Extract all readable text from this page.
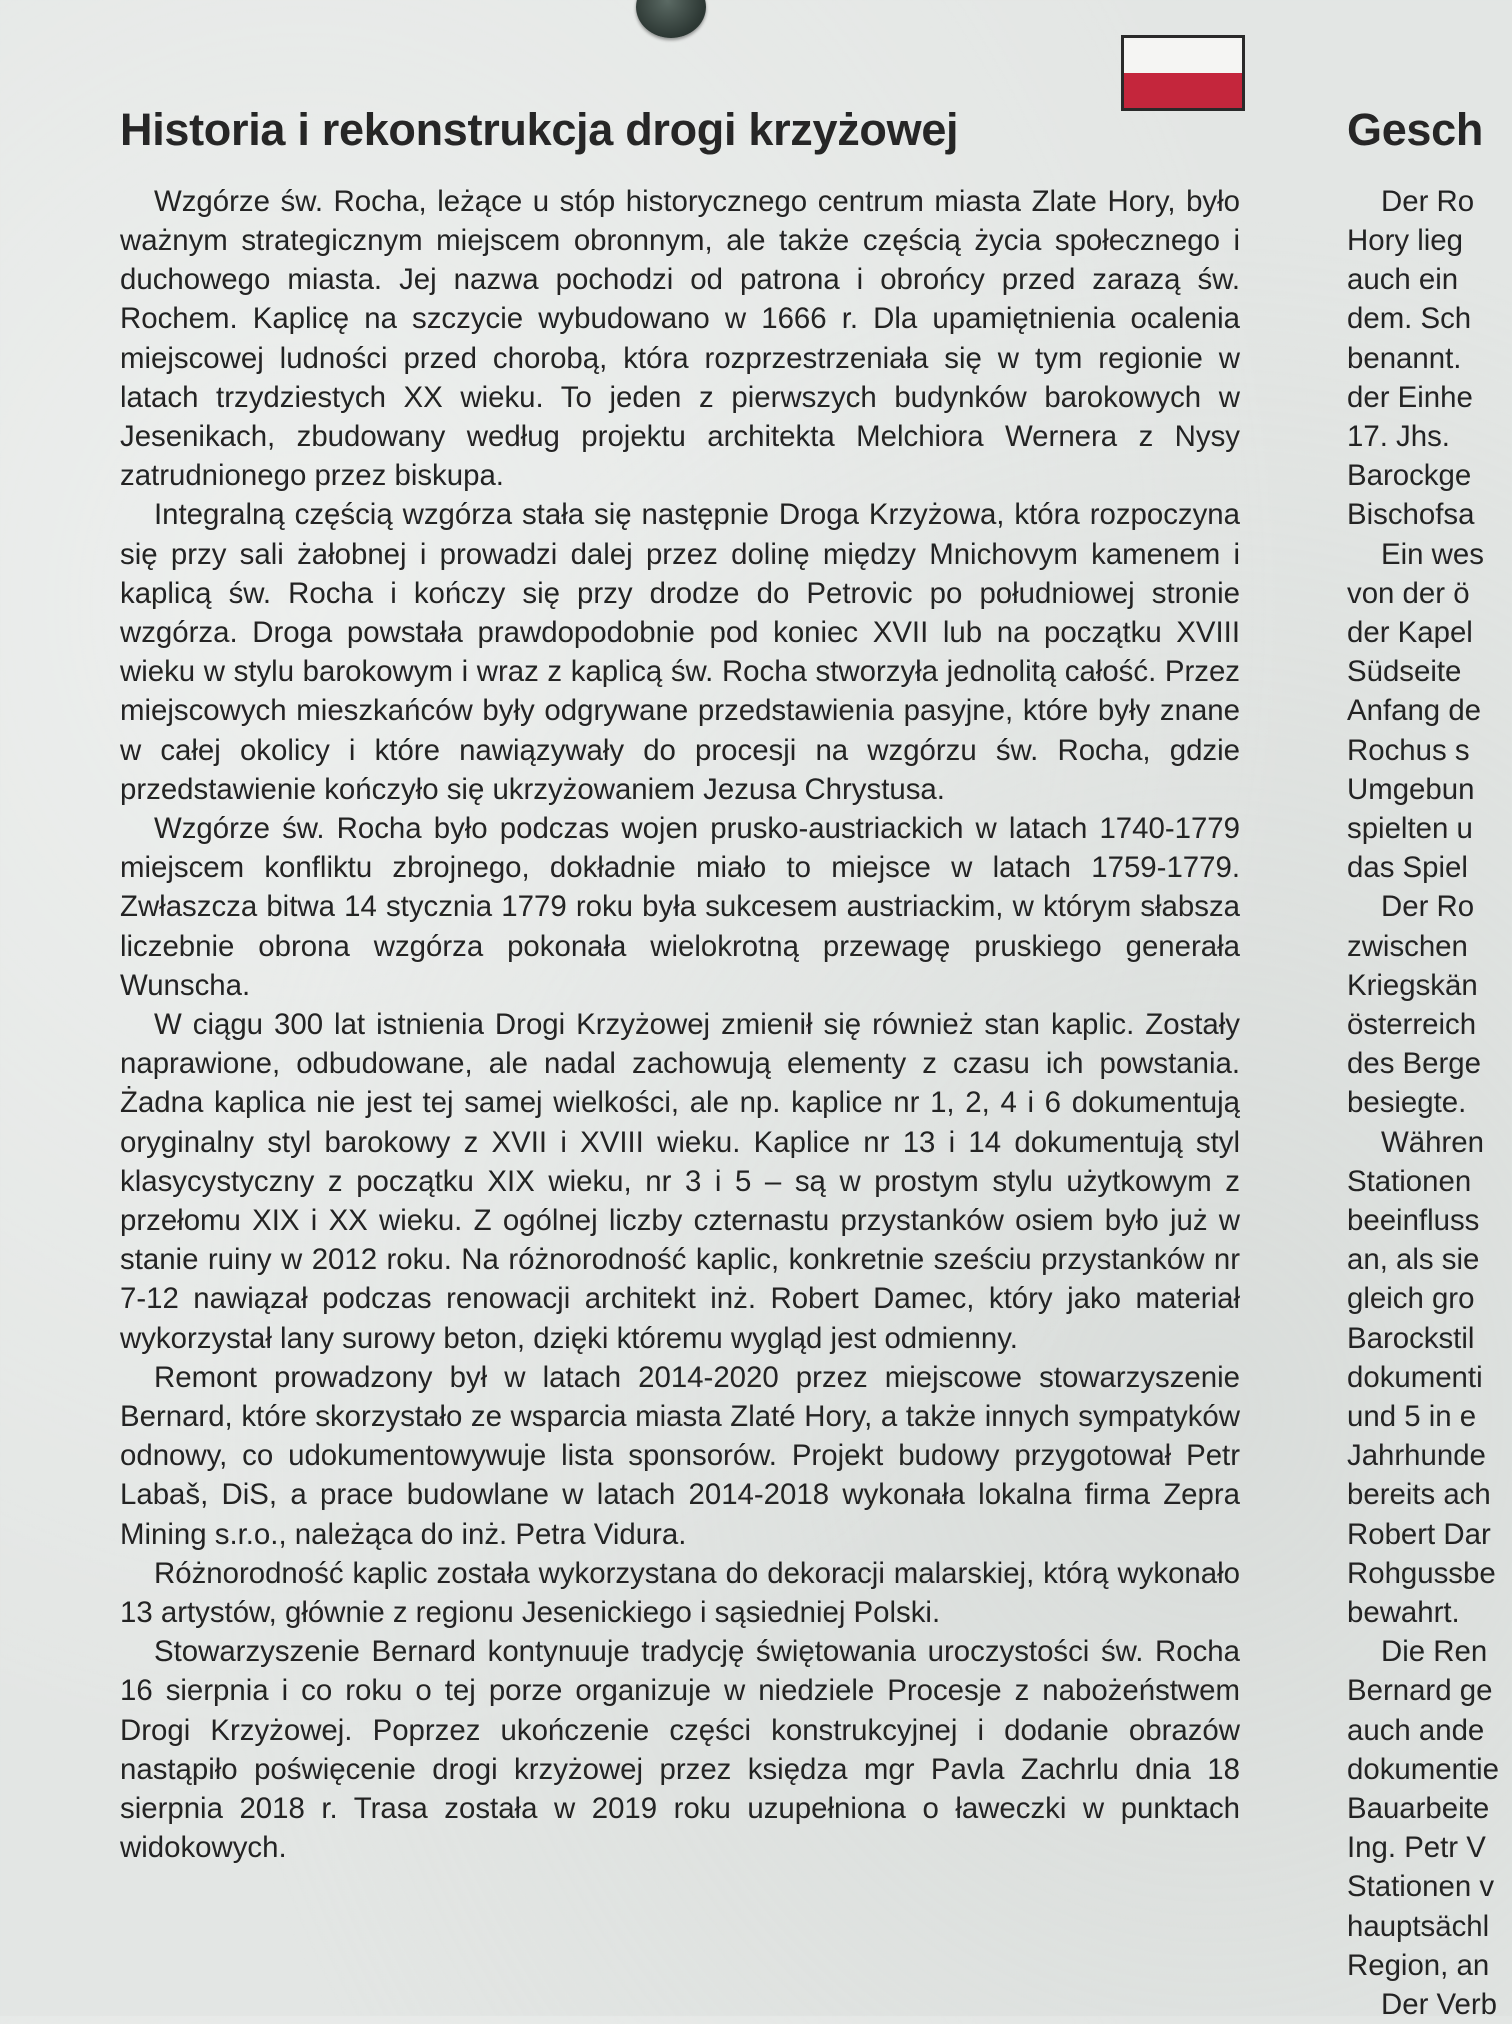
Historia i rekonstrukcja drogi krzyżowej

Wzgórze św. Rocha, leżące u stóp historycznego centrum miasta Zlate Hory, było ważnym strategicznym miejscem obronnym, ale także częścią życia społecznego i duchowego miasta. Jej nazwa pochodzi od patrona i obrońcy przed zarazą św. Rochem. Kaplicę na szczycie wybudowano w 1666 r. Dla upamiętnienia ocalenia miejscowej ludności przed chorobą, która rozprzestrzeniała się w tym regionie w latach trzydziestych XX wieku. To jeden z pierwszych budynków barokowych w Jesenikach, zbudowany według projektu architekta Melchiora Wernera z Nysy zatrudnionego przez biskupa.

Integralną częścią wzgórza stała się następnie Droga Krzyżowa, która rozpoczyna się przy sali żałobnej i prowadzi dalej przez dolinę między Mnichovym kamenem i kaplicą św. Rocha i kończy się przy drodze do Petrovic po południowej stronie wzgórza. Droga powstała prawdopodobnie pod koniec XVII lub na początku XVIII wieku w stylu barokowym i wraz z kaplicą św. Rocha stworzyła jednolitą całość. Przez miejscowych mieszkańców były odgrywane przedstawienia pasyjne, które były znane w całej okolicy i które nawiązywały do procesji na wzgórzu św. Rocha, gdzie przedstawienie kończyło się ukrzyżowaniem Jezusa Chrystusa.

Wzgórze św. Rocha było podczas wojen prusko-austriackich w latach 1740-1779 miejscem konfliktu zbrojnego, dokładnie miało to miejsce w latach 1759-1779. Zwłaszcza bitwa 14 stycznia 1779 roku była sukcesem austriackim, w którym słabsza liczebnie obrona wzgórza pokonała wielokrotną przewagę pruskiego generała Wunscha.

W ciągu 300 lat istnienia Drogi Krzyżowej zmienił się również stan kaplic. Zostały naprawione, odbudowane, ale nadal zachowują elementy z czasu ich powstania. Żadna kaplica nie jest tej samej wielkości, ale np. kaplice nr 1, 2, 4 i 6 dokumentują oryginalny styl barokowy z XVII i XVIII wieku. Kaplice nr 13 i 14 dokumentują styl klasycystyczny z początku XIX wieku, nr 3 i 5 – są w prostym stylu użytkowym z przełomu XIX i XX wieku. Z ogólnej liczby czternastu przystanków osiem było już w stanie ruiny w 2012 roku. Na różnorodność kaplic, konkretnie sześciu przystanków nr 7-12 nawiązał podczas renowacji architekt inż. Robert Damec, który jako materiał wykorzystał lany surowy beton, dzięki któremu wygląd jest odmienny.

Remont prowadzony był w latach 2014-2020 przez miejscowe stowarzyszenie Bernard, które skorzystało ze wsparcia miasta Zlaté Hory, a także innych sympatyków odnowy, co udokumentowywuje lista sponsorów. Projekt budowy przygotował Petr Labaš, DiS, a prace budowlane w latach 2014-2018 wykonała lokalna firma Zepra Mining s.r.o., należąca do inż. Petra Vidura.

Różnorodność kaplic została wykorzystana do dekoracji malarskiej, którą wykonało 13 artystów, głównie z regionu Jesenickiego i sąsiedniej Polski.

Stowarzyszenie Bernard kontynuuje tradycję świętowania uroczystości św. Rocha 16 sierpnia i co roku o tej porze organizuje w niedziele Procesje z nabożeństwem Drogi Krzyżowej. Poprzez ukończenie części konstrukcyjnej i dodanie obrazów nastąpiło poświęcenie drogi krzyżowej przez księdza mgr Pavla Zachrlu dnia 18 sierpnia 2018 r. Trasa została w 2019 roku uzupełniona o ławeczki w punktach widokowych.

Gesch
Der Ro
Hory lieg
auch ein
dem. Sch
benannt.
der Einhe
17. Jhs.
Barockge
Bischofsa
Ein wes
von der ö
der Kapel
Südseite
Anfang de
Rochus s
Umgebun
spielten u
das Spiel
Der Ro
zwischen
Kriegskän
österreich
des Berge
besiegte.
Währen
Stationen
beeinfluss
an, als sie
gleich gro
Barockstil
dokumenti
und 5 in e
Jahrhunde
bereits ach
Robert Dar
Rohgussbe
bewahrt.
Die Ren
Bernard ge
auch ande
dokumentie
Bauarbeite
Ing. Petr V
Stationen v
hauptsächl
Region, an
Der Verb
